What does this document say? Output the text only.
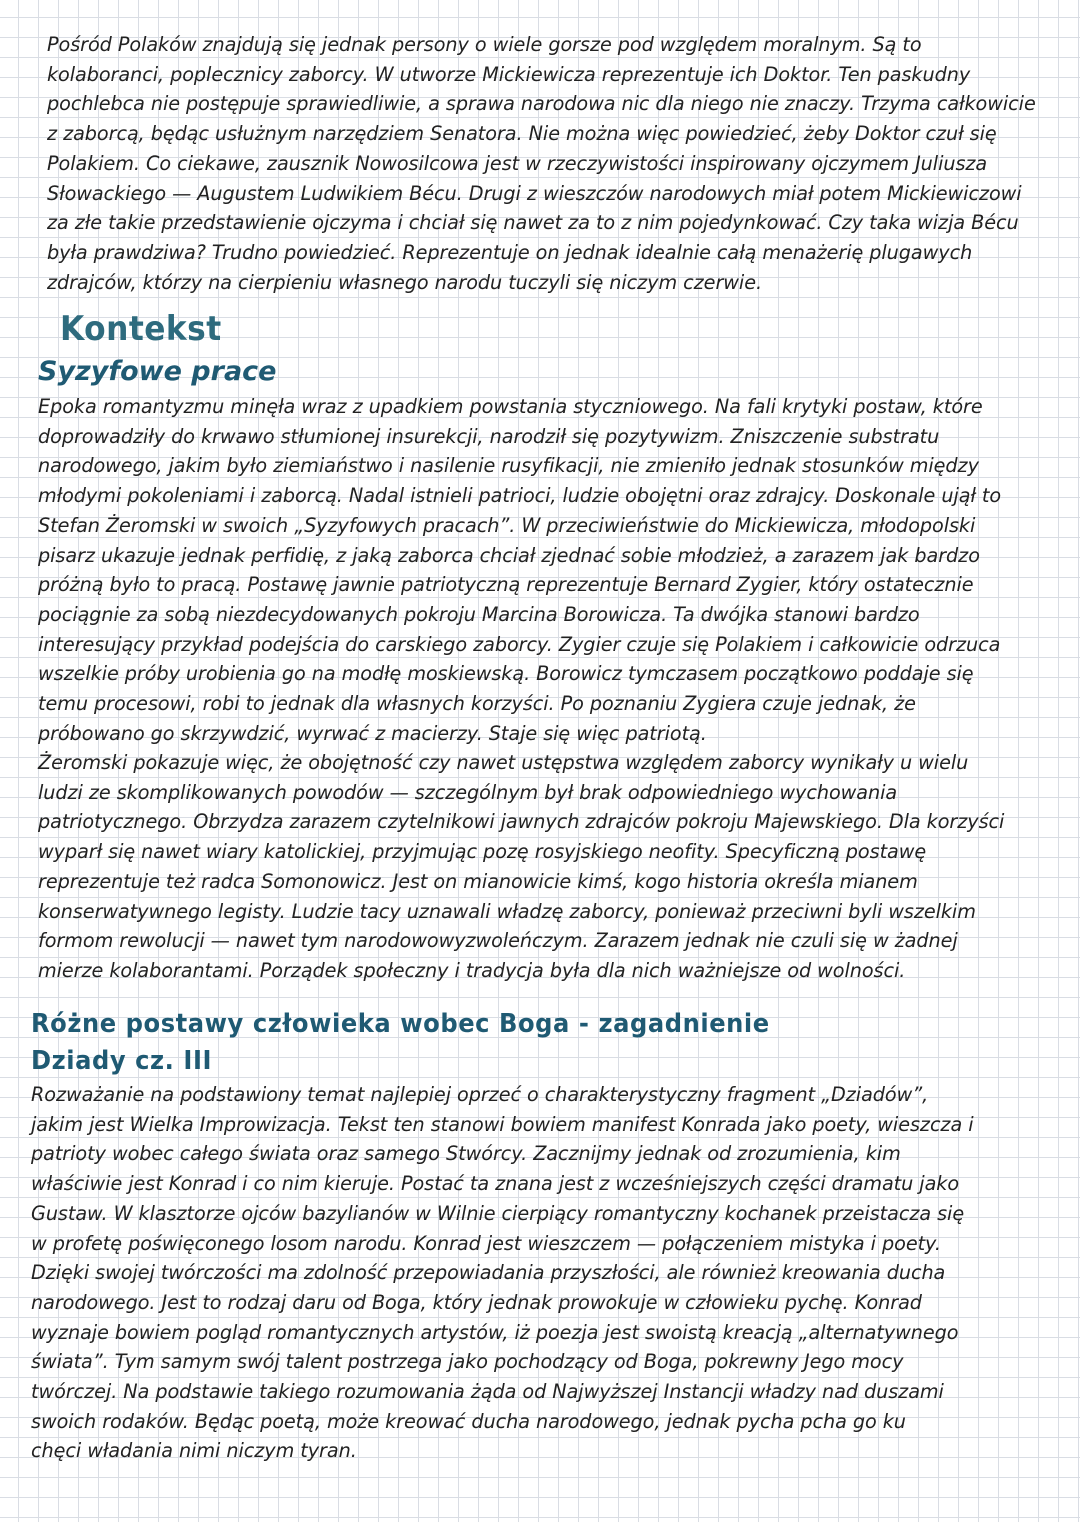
Pośród Polaków znajdują się jednak persony o wiele gorsze pod względem moralnym. Są to
kolaboranci, poplecznicy zaborcy. W utworze Mickiewicza reprezentuje ich Doktor. Ten paskudny
pochlebca nie postępuje sprawiedliwie, a sprawa narodowa nic dla niego nie znaczy. Trzyma całkowicie
z zaborcą, będąc usłużnym narzędziem Senatora. Nie można więc powiedzieć, żeby Doktor czuł się
Polakiem. Co ciekawe, zausznik Nowosilcowa jest w rzeczywistości inspirowany ojczymem Juliusza
Słowackiego — Augustem Ludwikiem Bécu. Drugi z wieszczów narodowych miał potem Mickiewiczowi
za złe takie przedstawienie ojczyma i chciał się nawet za to z nim pojedynkować. Czy taka wizja Bécu
była prawdziwa? Trudno powiedzieć. Reprezentuje on jednak idealnie całą menażerię plugawych
zdrajców, którzy na cierpieniu własnego narodu tuczyli się niczym czerwie.

Kontekst
Syzyfowe prace

Epoka romantyzmu minęła wraz z upadkiem powstania styczniowego. Na fali krytyki postaw, które
doprowadziły do krwawo stłumionej insurekcji, narodził się pozytywizm. Zniszczenie substratu
narodowego, jakim było ziemiaństwo i nasilenie rusyfikacji, nie zmieniło jednak stosunków między
młodymi pokoleniami i zaborcą. Nadal istnieli patrioci, ludzie obojętni oraz zdrajcy. Doskonale ujął to
Stefan Żeromski w swoich „Syzyfowych pracach”. W przeciwieństwie do Mickiewicza, młodopolski
pisarz ukazuje jednak perfidię, z jaką zaborca chciał zjednać sobie młodzież, a zarazem jak bardzo
próżną było to pracą. Postawę jawnie patriotyczną reprezentuje Bernard Zygier, który ostatecznie
pociągnie za sobą niezdecydowanych pokroju Marcina Borowicza. Ta dwójka stanowi bardzo
interesujący przykład podejścia do carskiego zaborcy. Zygier czuje się Polakiem i całkowicie odrzuca
wszelkie próby urobienia go na modłę moskiewską. Borowicz tymczasem początkowo poddaje się
temu procesowi, robi to jednak dla własnych korzyści. Po poznaniu Zygiera czuje jednak, że
próbowano go skrzywdzić, wyrwać z macierzy. Staje się więc patriotą.

Żeromski pokazuje więc, że obojętność czy nawet ustępstwa względem zaborcy wynikały u wielu
ludzi ze skomplikowanych powodów — szczególnym był brak odpowiedniego wychowania
patriotycznego. Obrzydza zarazem czytelnikowi jawnych zdrajców pokroju Majewskiego. Dla korzyści
wyparł się nawet wiary katolickiej, przyjmując pozę rosyjskiego neofity. Specyficzną postawę
reprezentuje też radca Somonowicz. Jest on mianowicie kimś, kogo historia określa mianem
konserwatywnego legisty. Ludzie tacy uznawali władzę zaborcy, ponieważ przeciwni byli wszelkim
formom rewolucji — nawet tym narodowowyzwoleńczym. Zarazem jednak nie czuli się w żadnej
mierze kolaborantami. Porządek społeczny i tradycja była dla nich ważniejsze od wolności.

Różne postawy człowieka wobec Boga - zagadnienie
Dziady cz. III

Rozważanie na podstawiony temat najlepiej oprzeć o charakterystyczny fragment „Dziadów”,
jakim jest Wielka Improwizacja. Tekst ten stanowi bowiem manifest Konrada jako poety, wieszcza i
patrioty wobec całego świata oraz samego Stwórcy. Zacznijmy jednak od zrozumienia, kim
właściwie jest Konrad i co nim kieruje. Postać ta znana jest z wcześniejszych części dramatu jako
Gustaw. W klasztorze ojców bazylianów w Wilnie cierpiący romantyczny kochanek przeistacza się
w profetę poświęconego losom narodu. Konrad jest wieszczem — połączeniem mistyka i poety.
Dzięki swojej twórczości ma zdolność przepowiadania przyszłości, ale również kreowania ducha
narodowego. Jest to rodzaj daru od Boga, który jednak prowokuje w człowieku pychę. Konrad
wyznaje bowiem pogląd romantycznych artystów, iż poezja jest swoistą kreacją „alternatywnego
świata”. Tym samym swój talent postrzega jako pochodzący od Boga, pokrewny Jego mocy
twórczej. Na podstawie takiego rozumowania żąda od Najwyższej Instancji władzy nad duszami
swoich rodaków. Będąc poetą, może kreować ducha narodowego, jednak pycha pcha go ku
chęci władania nimi niczym tyran.
